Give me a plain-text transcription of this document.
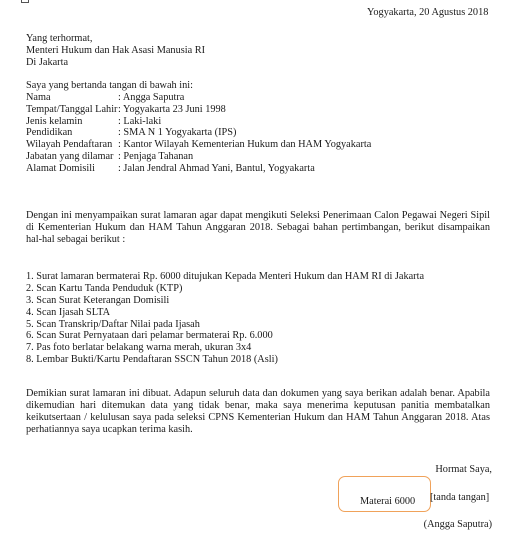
Yogyakarta, 20 Agustus 2018
Yang terhormat,
Menteri Hukum dan Hak Asasi Manusia RI
Di Jakarta
Saya yang bertanda tangan di bawah ini:
Nama	: Angga Saputra
Tempat/Tanggal Lahir : Yogyakarta 23 Juni 1998
Jenis kelamin	: Laki-laki
Pendidikan	: SMA N 1 Yogyakarta (IPS)
Wilayah Pendaftaran : Kantor Wilayah Kementerian Hukum dan HAM Yogyakarta
Jabatan yang dilamar : Penjaga Tahanan
Alamat Domisili	: Jalan Jendral Ahmad Yani, Bantul, Yogyakarta
Dengan ini menyampaikan surat lamaran agar dapat mengikuti Seleksi Penerimaan Calon Pegawai Negeri Sipil di Kementerian Hukum dan HAM Tahun Anggaran 2018. Sebagai bahan pertimbangan, berikut disampaikan hal-hal sebagai berikut :
1. Surat lamaran bermaterai Rp. 6000 ditujukan Kepada Menteri Hukum dan HAM RI di Jakarta
2. Scan Kartu Tanda Penduduk (KTP)
3. Scan Surat Keterangan Domisili
4. Scan Ijasah SLTA
5. Scan Transkrip/Daftar Nilai pada Ijasah
6. Scan Surat Pernyataan dari pelamar bermaterai Rp. 6.000
7. Pas foto berlatar belakang warna merah, ukuran 3x4
8. Lembar Bukti/Kartu Pendaftaran SSCN Tahun 2018 (Asli)
Demikian surat lamaran ini dibuat. Adapun seluruh data dan dokumen yang saya berikan adalah benar. Apabila dikemudian hari ditemukan data yang tidak benar, maka saya menerima keputusan panitia membatalkan keikutsertaan / kelulusan saya pada seleksi CPNS Kementerian Hukum dan HAM Tahun Anggaran 2018. Atas perhatiannya saya ucapkan terima kasih.
Hormat Saya,
Materai 6000 [tanda tangan]
(Angga Saputra)
